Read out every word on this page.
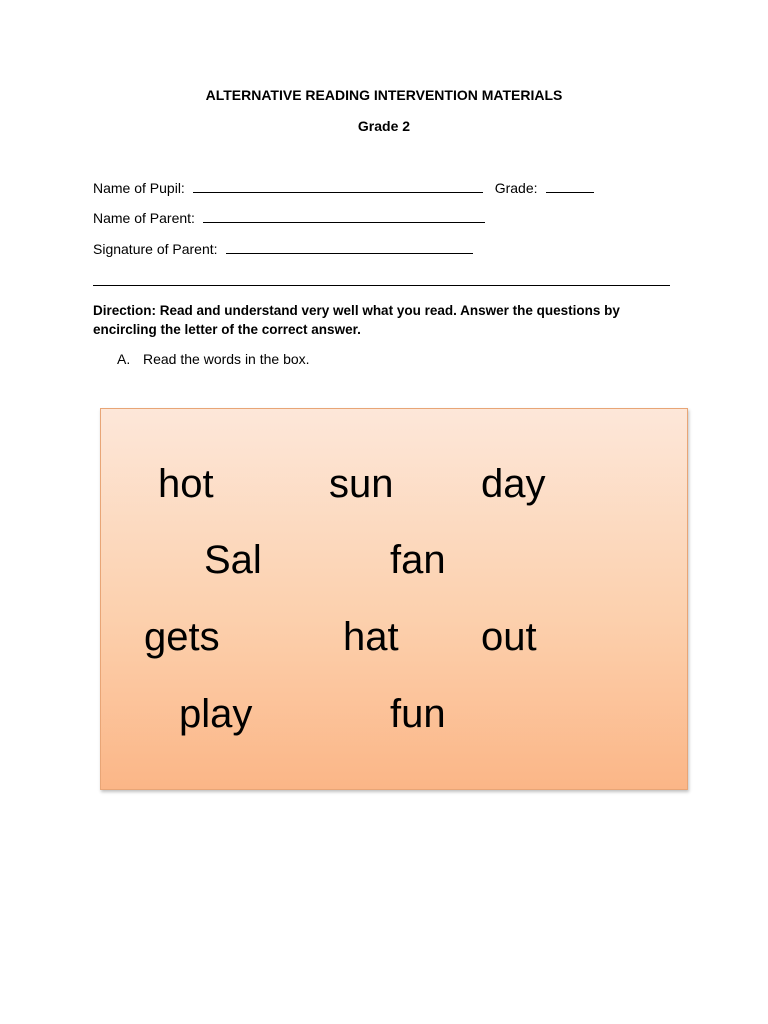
ALTERNATIVE READING INTERVENTION MATERIALS
Grade 2
Name of Pupil:	Grade:
Name of Parent:
Signature of Parent:
Direction: Read and understand very well what you read. Answer the questions by encircling the letter of the correct answer.
A. Read the words in the box.
hot	sun day
Sal	fan
gets	hat out
play	fun
